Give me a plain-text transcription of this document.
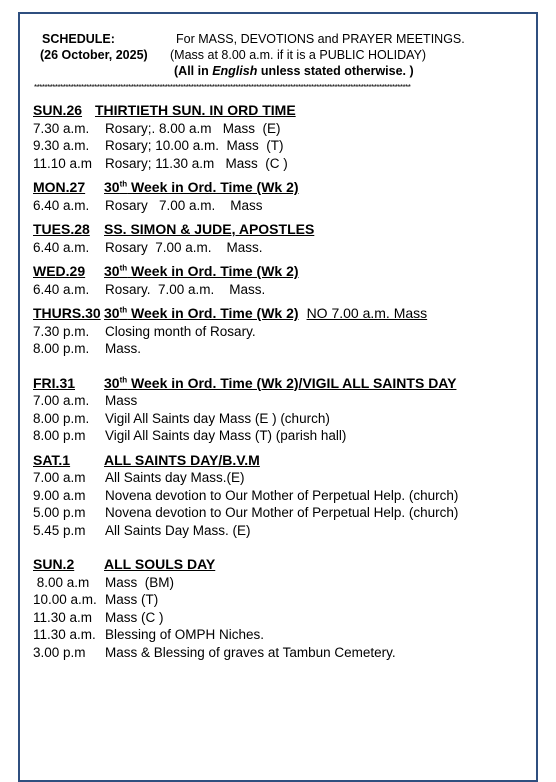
SCHEDULE:	For MASS, DEVOTIONS and PRAYER MEETINGS.
(26 October, 2025)	(Mass at 8.00 a.m. if it is a PUBLIC HOLIDAY)
(All in English unless stated otherwise. )
************************************************************************************************************************************************
SUN.26 THIRTIETH SUN. IN ORD TIME
7.30 a.m.	Rosary;. 8.00 a.m   Mass  (E)
9.30 a.m.	Rosary; 10.00 a.m.  Mass  (T)
11.10 a.m Rosary; 11.30 a.m   Mass  (C )
MON.27	30th Week in Ord. Time (Wk 2)
6.40 a.m.	Rosary   7.00 a.m.    Mass
TUES.28	SS. SIMON & JUDE, APOSTLES
6.40 a.m.	Rosary  7.00 a.m.    Mass.
WED.29	30th Week in Ord. Time (Wk 2)
6.40 a.m.	Rosary.  7.00 a.m.    Mass.
THURS.30 30th Week in Ord. Time (Wk 2) NO 7.00 a.m. Mass
7.30 p.m.	Closing month of Rosary.
8.00 p.m.	Mass.
FRI.31	30th Week in Ord. Time (Wk 2)/VIGIL ALL SAINTS DAY
7.00 a.m.	Mass
8.00 p.m.	Vigil All Saints day Mass (E ) (church)
8.00 p.m	Vigil All Saints day Mass (T) (parish hall)
SAT.1	ALL SAINTS DAY/B.V.M
7.00 a.m	All Saints day Mass.(E)
9.00 a.m	Novena devotion to Our Mother of Perpetual Help. (church)
5.00 p.m	Novena devotion to Our Mother of Perpetual Help. (church)
5.45 p.m	All Saints Day Mass. (E)
SUN.2	ALL SOULS DAY
8.00 a.m	Mass  (BM)
10.00 a.m. Mass (T)
11.30 a.m Mass (C )
11.30 a.m. Blessing of OMPH Niches.
3.00 p.m	Mass & Blessing of graves at Tambun Cemetery.
